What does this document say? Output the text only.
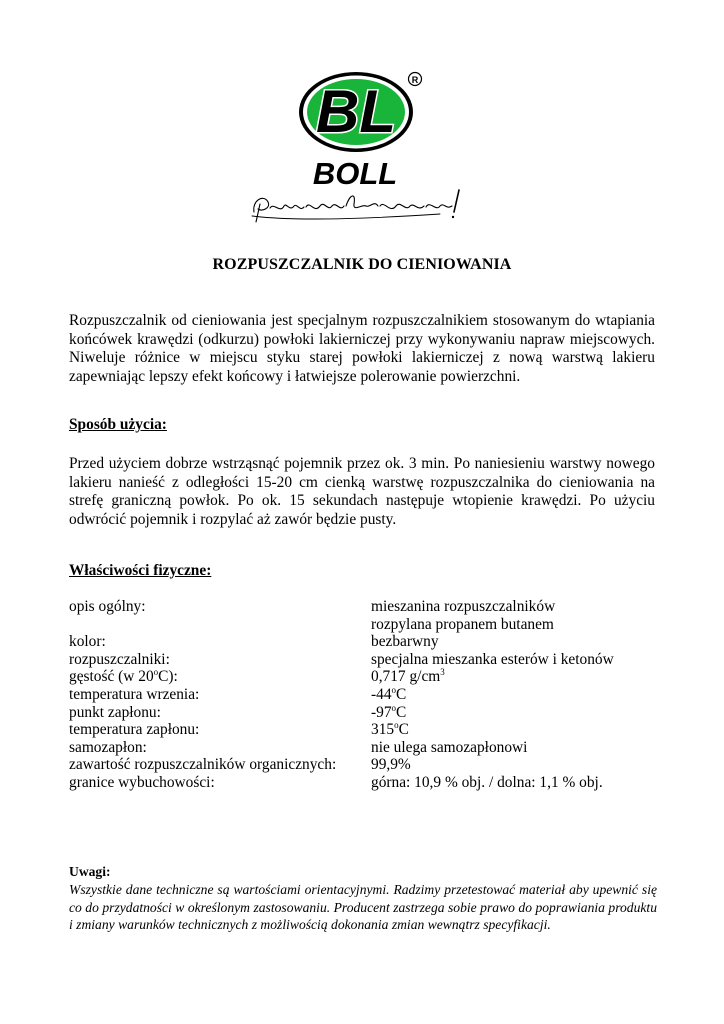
BL R
BOLL
ROZPUSZCZALNIK DO CIENIOWANIA
Rozpuszczalnik od cieniowania jest specjalnym rozpuszczalnikiem stosowanym do wtapiania końcówek krawędzi (odkurzu) powłoki lakierniczej przy wykonywaniu napraw miejscowych. Niweluje różnice w miejscu styku starej powłoki lakierniczej z nową warstwą lakieru zapewniając lepszy efekt końcowy i łatwiejsze polerowanie powierzchni.
Sposób użycia:
Przed użyciem dobrze wstrząsnąć pojemnik przez ok. 3 min. Po naniesieniu warstwy nowego lakieru nanieść z odległości 15-20 cm cienką warstwę rozpuszczalnika do cieniowania na strefę graniczną powłok. Po ok. 15 sekundach następuje wtopienie krawędzi. Po użyciu odwrócić pojemnik i rozpylać aż zawór będzie pusty.
Właściwości fizyczne:
opis ogólny:	mieszanina rozpuszczalników
rozpylana propanem butanem
kolor:	bezbarwny
rozpuszczalniki:	specjalna mieszanka esterów i ketonów
gęstość (w 20$^o$C):	0,717 $g/cm^3$
temperatura wrzenia:	-44$^o$C
punkt zapłonu:	-97$^o$C
temperatura zapłonu:	315$^o$C
samozapłon:	nie ulega samozapłonowi
zawartość rozpuszczalników organicznych:	99,9%
granice wybuchowości:	górna: 10,9 % obj. / dolna: 1,1 % obj.
Uwagi:
Wszystkie dane techniczne są wartościami orientacyjnymi. Radzimy przetestować materiał aby upewnić się co do przydatności w określonym zastosowaniu. Producent zastrzega sobie prawo do poprawiania produktu i zmiany warunków technicznych z możliwością dokonania zmian wewnątrz specyfikacji.
